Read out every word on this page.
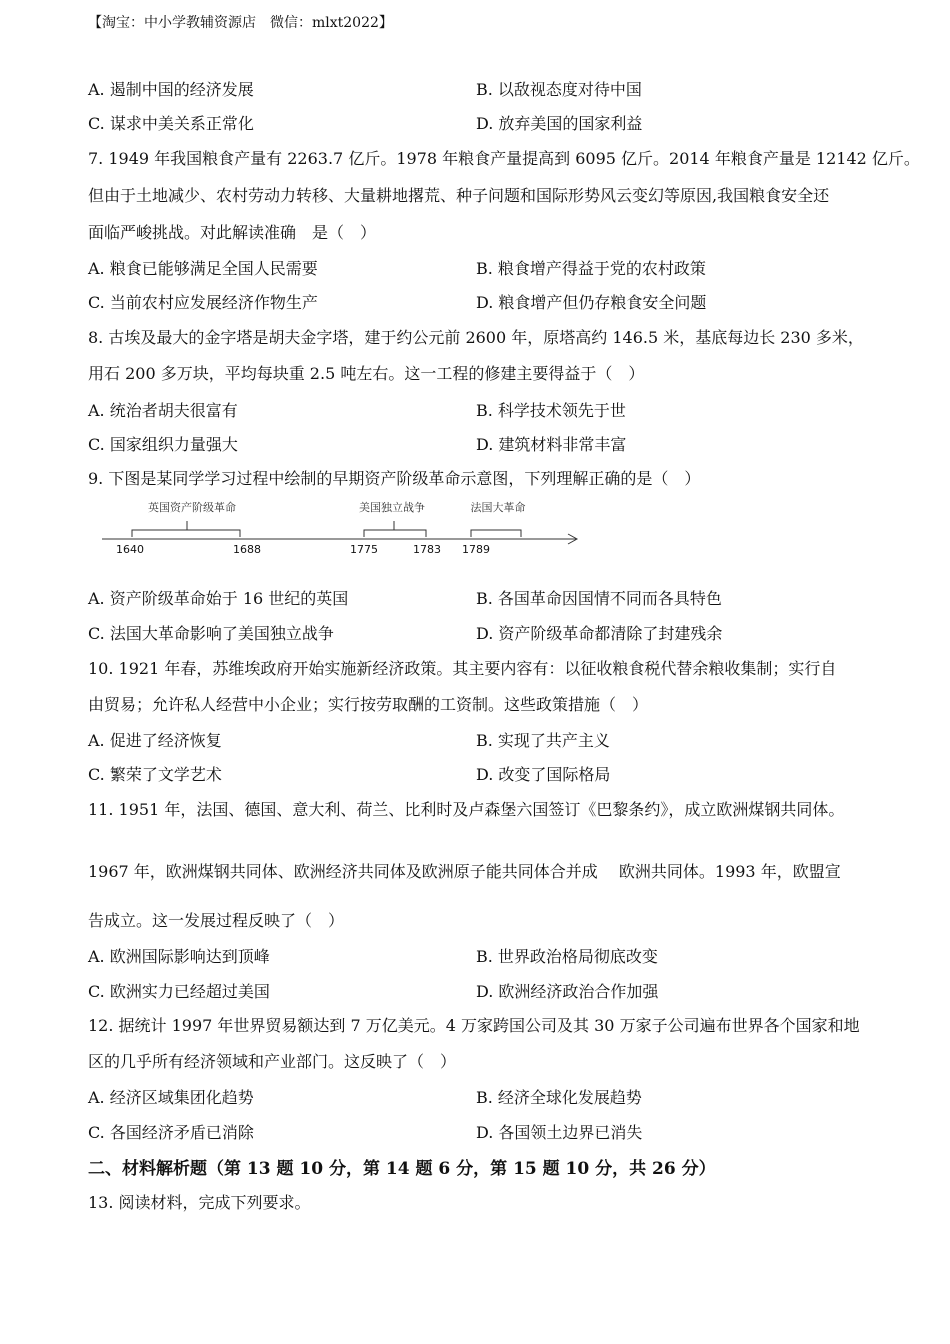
【淘宝：中小学教辅资源店　微信：mlxt2022】
A. 遏制中国的经济发展	B. 以敌视态度对待中国
C. 谋求中美关系正常化	D. 放弃美国的国家利益
7. 1949 年我国粮食产量有 2263.7 亿斤。1978 年粮食产量提高到 6095 亿斤。2014 年粮食产量是 12142 亿斤。
但由于土地减少、农村劳动力转移、大量耕地撂荒、种子问题和国际形势风云变幻等原因,我国粮食安全还
面临严峻挑战。对此解读准确　是（　）
A. 粮食已能够满足全国人民需要	B. 粮食增产得益于党的农村政策
C. 当前农村应发展经济作物生产	D. 粮食增产但仍存粮食安全问题
8. 古埃及最大的金字塔是胡夫金字塔，建于约公元前 2600 年，原塔高约 146.5 米，基底每边长 230 多米，
用石 200 多万块，平均每块重 2.5 吨左右。这一工程的修建主要得益于（　）
A. 统治者胡夫很富有	B. 科学技术领先于世
C. 国家组织力量强大	D. 建筑材料非常丰富
9. 下图是某同学学习过程中绘制的早期资产阶级革命示意图，下列理解正确的是（　）
英国资产阶级革命	美国独立战争	法国大革命
1640	1688	1775	1783 1789
A. 资产阶级革命始于 16 世纪的英国	B. 各国革命因国情不同而各具特色
C. 法国大革命影响了美国独立战争	D. 资产阶级革命都清除了封建残余
10. 1921 年春，苏维埃政府开始实施新经济政策。其主要内容有：以征收粮食税代替余粮收集制；实行自
由贸易；允许私人经营中小企业；实行按劳取酬的工资制。这些政策措施（　）
A. 促进了经济恢复	B. 实现了共产主义
C. 繁荣了文学艺术	D. 改变了国际格局
11. 1951 年，法国、德国、意大利、荷兰、比利时及卢森堡六国签订《巴黎条约》，成立欧洲煤钢共同体。
1967 年，欧洲煤钢共同体、欧洲经济共同体及欧洲原子能共同体合并成　 欧洲共同体。1993 年，欧盟宣
告成立。这一发展过程反映了（　）
A. 欧洲国际影响达到顶峰	B. 世界政治格局彻底改变
C. 欧洲实力已经超过美国	D. 欧洲经济政治合作加强
12. 据统计 1997 年世界贸易额达到 7 万亿美元。4 万家跨国公司及其 30 万家子公司遍布世界各个国家和地
区的几乎所有经济领域和产业部门。这反映了（　）
A. 经济区域集团化趋势	B. 经济全球化发展趋势
C. 各国经济矛盾已消除	D. 各国领土边界已消失
二、材料解析题（第 13 题 10 分，第 14 题 6 分，第 15 题 10 分，共 26 分）
13. 阅读材料，完成下列要求。
